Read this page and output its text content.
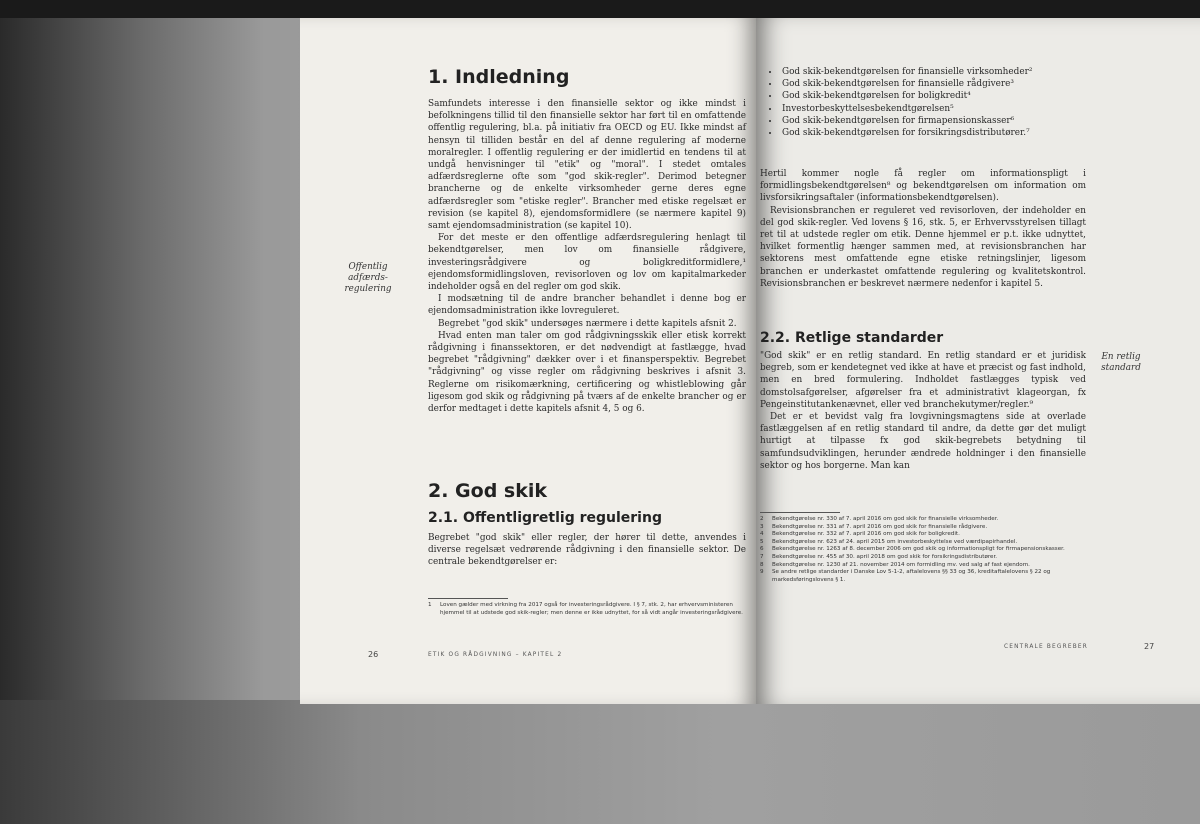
1. Indledning

Samfundets interesse i den finansielle sektor og ikke mindst i befolkningens tillid til den finansielle sektor har ført til en omfattende offentlig regulering, bl.a. på initiativ fra OECD og EU. Ikke mindst af hensyn til tilliden består en del af denne regulering af moderne moralregler. I offentlig regulering er der imidlertid en tendens til at undgå henvisninger til "etik" og "moral". I stedet omtales adfærdsreglerne ofte som "god skik-regler". Derimod betegner brancherne og de enkelte virksomheder gerne deres egne adfærdsregler som "etiske regler". Brancher med etiske regelsæt er revision (se kapitel 8), ejendomsformidlere (se nærmere kapitel 9) samt ejendomsadministration (se kapitel 10).

For det meste er den offentlige adfærdsregulering henlagt til bekendtgørelser, men lov om finansielle rådgivere, investeringsrådgivere og boligkreditformidlere,¹ ejendomsformidlingsloven, revisorloven og lov om kapitalmarkeder indeholder også en del regler om god skik.

I modsætning til de andre brancher behandlet i denne bog er ejendomsadministration ikke lovreguleret.

Begrebet "god skik" undersøges nærmere i dette kapitels afsnit 2.

Hvad enten man taler om god rådgivningsskik eller etisk korrekt rådgivning i finanssektoren, er det nødvendigt at fastlægge, hvad begrebet "rådgivning" dækker over i et finansperspektiv. Begrebet "rådgivning" og visse regler om rådgivning beskrives i afsnit 3. Reglerne om risikomærkning, certificering og whistleblowing går ligesom god skik og rådgivning på tværs af de enkelte brancher og er derfor medtaget i dette kapitels afsnit 4, 5 og 6.

Offentlig adfærds-regulering
2. God skik
2.1. Offentligretlig regulering
Begrebet "god skik" eller regler, der hører til dette, anvendes i diverse regelsæt vedrørende rådgivning i den finansielle sektor. De centrale bekendtgørelser er:
1	Loven gælder med virkning fra 2017 også for investeringsrådgivere. I § 7, stk. 2, har erhvervsministeren hjemmel til at udstede god skik-regler; men denne er ikke udnyttet, for så vidt angår investeringsrådgivere.
26	ETIK OG RÅDGIVNING – KAPITEL 2
• God skik-bekendtgørelsen for finansielle virksomheder²
• God skik-bekendtgørelsen for finansielle rådgivere³
• God skik-bekendtgørelsen for boligkredit⁴
• Investorbeskyttelsesbekendtgørelsen⁵
• God skik-bekendtgørelsen for firmapensionskasser⁶
• God skik-bekendtgørelsen for forsikringsdistributører.⁷

Hertil kommer nogle få regler om informationspligt i formidlingsbekendtgørelsen⁸ og bekendtgørelsen om information om livsforsikringsaftaler (informationsbekendtgørelsen).

Revisionsbranchen er reguleret ved revisorloven, der indeholder en del god skik-regler. Ved lovens § 16, stk. 5, er Erhvervsstyrelsen tillagt ret til at udstede regler om etik. Denne hjemmel er p.t. ikke udnyttet, hvilket formentlig hænger sammen med, at revisionsbranchen har sektorens mest omfattende egne etiske retningslinjer, ligesom branchen er underkastet omfattende regulering og kvalitetskontrol. Revisionsbranchen er beskrevet nærmere nedenfor i kapitel 5.

2.2. Retlige standarder

"God skik" er en retlig standard. En retlig standard er et juridisk begreb, som er kendetegnet ved ikke at have et præcist og fast indhold, men en bred formulering. Indholdet fastlægges typisk ved domstolsafgørelser, afgørelser fra et administrativt klageorgan, fx Pengeinstitutankenævnet, eller ved branchekutymer/regler.⁹

Det er et bevidst valg fra lovgivningsmagtens side at overlade fastlæggelsen af en retlig standard til andre, da dette gør det muligt hurtigt at tilpasse fx god skik-begrebets betydning til samfundsudviklingen, herunder ændrede holdninger i den finansielle sektor og hos borgerne. Man kan

En retlig standard
2	Bekendtgørelse nr. 330 af 7. april 2016 om god skik for finansielle virksomheder.
3	Bekendtgørelse nr. 331 af 7. april 2016 om god skik for finansielle rådgivere.
4	Bekendtgørelse nr. 332 af 7. april 2016 om god skik for boligkredit.
5	Bekendtgørelse nr. 623 af 24. april 2015 om investorbeskyttelse ved værdipapirhandel.
6	Bekendtgørelse nr. 1263 af 8. december 2006 om god skik og informationspligt for firmapensionskasser.
7	Bekendtgørelse nr. 455 af 30. april 2018 om god skik for forsikringsdistributører.
8	Bekendtgørelse nr. 1230 af 21. november 2014 om formidling mv. ved salg af fast ejendom.
9	Se andre retlige standarder i Danske Lov 5-1-2, aftalelovens §§ 33 og 36, kreditaftalelovens § 22 og markedsføringslovens § 1.
CENTRALE BEGREBER	27
